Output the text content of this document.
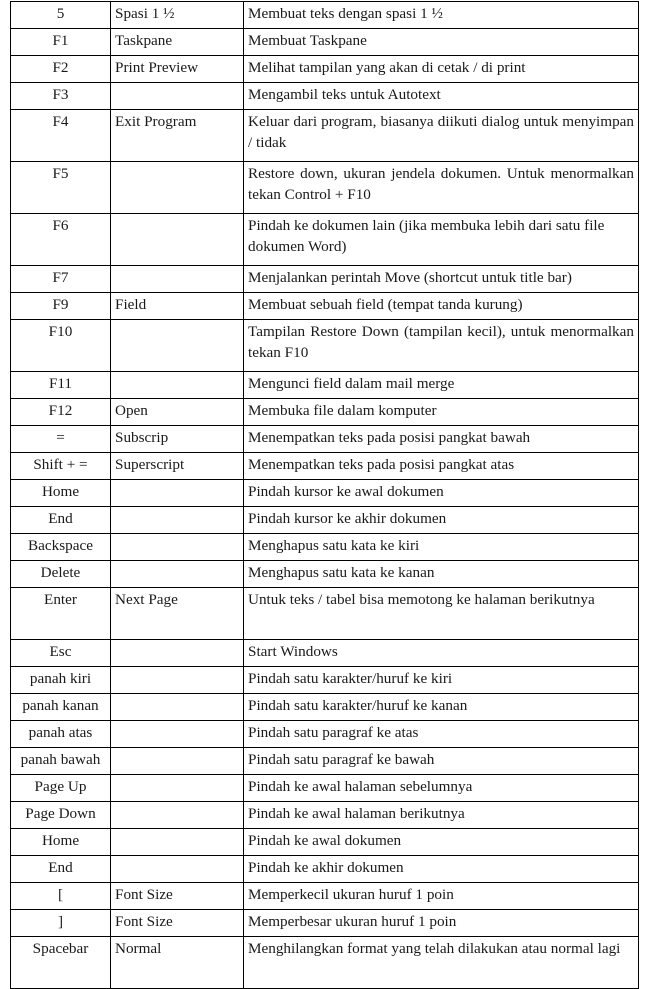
5	Spasi 1 ½	Membuat teks dengan spasi 1 ½
F1	Taskpane	Membuat Taskpane
F2	Print Preview	Melihat tampilan yang akan di cetak / di print
F3		Mengambil teks untuk Autotext
F4	Exit Program	Keluar dari program, biasanya diikuti dialog untuk menyimpan / tidak
F5		Restore down, ukuran jendela dokumen. Untuk menormalkan tekan Control + F10
F6		Pindah ke dokumen lain (jika membuka lebih dari satu file dokumen Word)
F7		Menjalankan perintah Move (shortcut untuk title bar)
F9	Field	Membuat sebuah field (tempat tanda kurung)
F10		Tampilan Restore Down (tampilan kecil), untuk menormalkan tekan F10
F11		Mengunci field dalam mail merge
F12	Open	Membuka file dalam komputer
=	Subscrip	Menempatkan teks pada posisi pangkat bawah
Shift + =	Superscript	Menempatkan teks pada posisi pangkat atas
Home		Pindah kursor ke awal dokumen
End		Pindah kursor ke akhir dokumen
Backspace		Menghapus satu kata ke kiri
Delete		Menghapus satu kata ke kanan
Enter	Next Page	Untuk teks / tabel bisa memotong ke halaman berikutnya
Esc		Start Windows
panah kiri		Pindah satu karakter/huruf ke kiri
panah kanan		Pindah satu karakter/huruf ke kanan
panah atas		Pindah satu paragraf ke atas
panah bawah		Pindah satu paragraf ke bawah
Page Up		Pindah ke awal halaman sebelumnya
Page Down		Pindah ke awal halaman berikutnya
Home		Pindah ke awal dokumen
End		Pindah ke akhir dokumen
[	Font Size	Memperkecil ukuran huruf 1 poin
]	Font Size	Memperbesar ukuran huruf 1 poin
Spacebar	Normal	Menghilangkan format yang telah dilakukan atau normal lagi
